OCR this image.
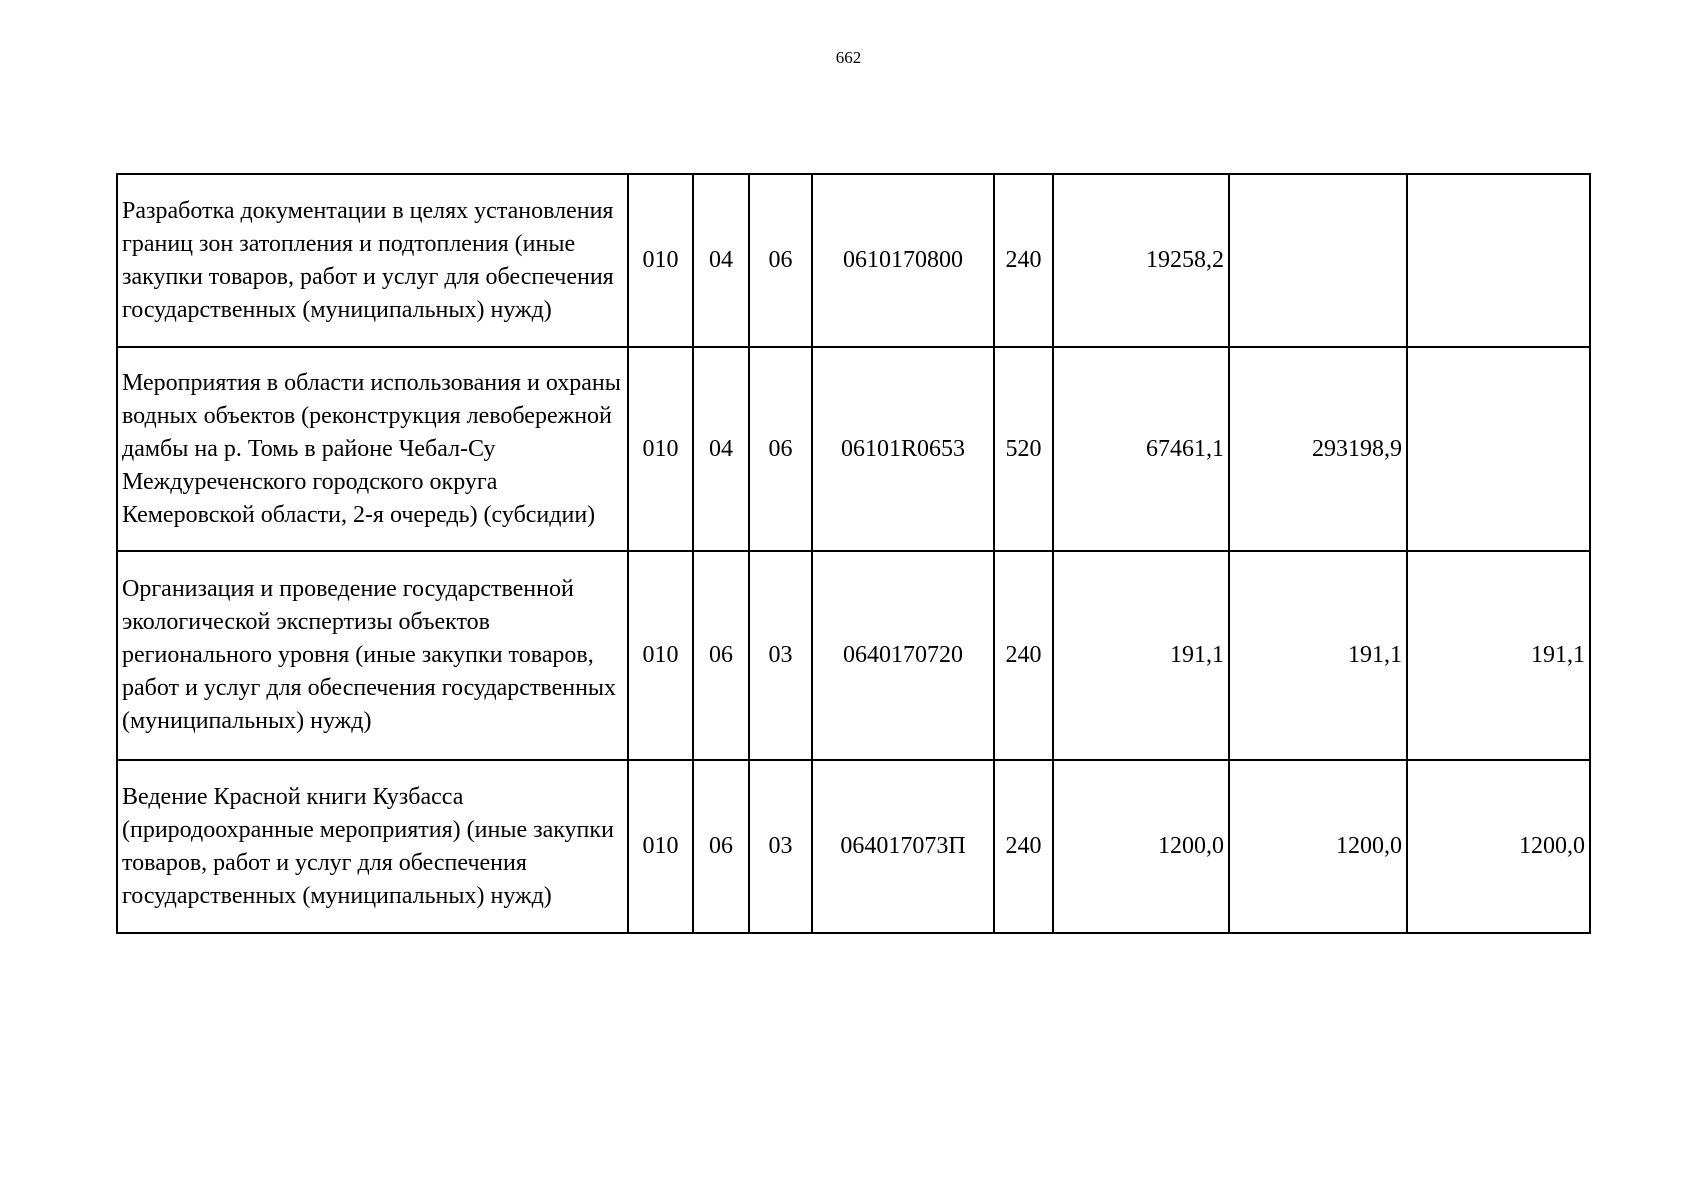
662
Разработка документации в целях установления границ зон затопления и подтопления (иные закупки товаров, работ и услуг для обеспечения государственных (муниципальных) нужд)	010	04	06	0610170800	240	19258,2		
Мероприятия в области использования и охраны водных объектов (реконструкция левобережной дамбы на р. Томь в районе Чебал-Су Междуреченского городского округа Кемеровской области, 2-я очередь) (субсидии)	010	04	06	06101R0653	520	67461,1	293198,9	
Организация и проведение государственной экологической экспертизы объектов регионального уровня (иные закупки товаров, работ и услуг для обеспечения государственных (муниципальных) нужд)	010	06	03	0640170720	240	191,1	191,1	191,1
Ведение Красной книги Кузбасса (природоохранные мероприятия) (иные закупки товаров, работ и услуг для обеспечения государственных (муниципальных) нужд)	010	06	03	064017073П	240	1200,0	1200,0	1200,0
